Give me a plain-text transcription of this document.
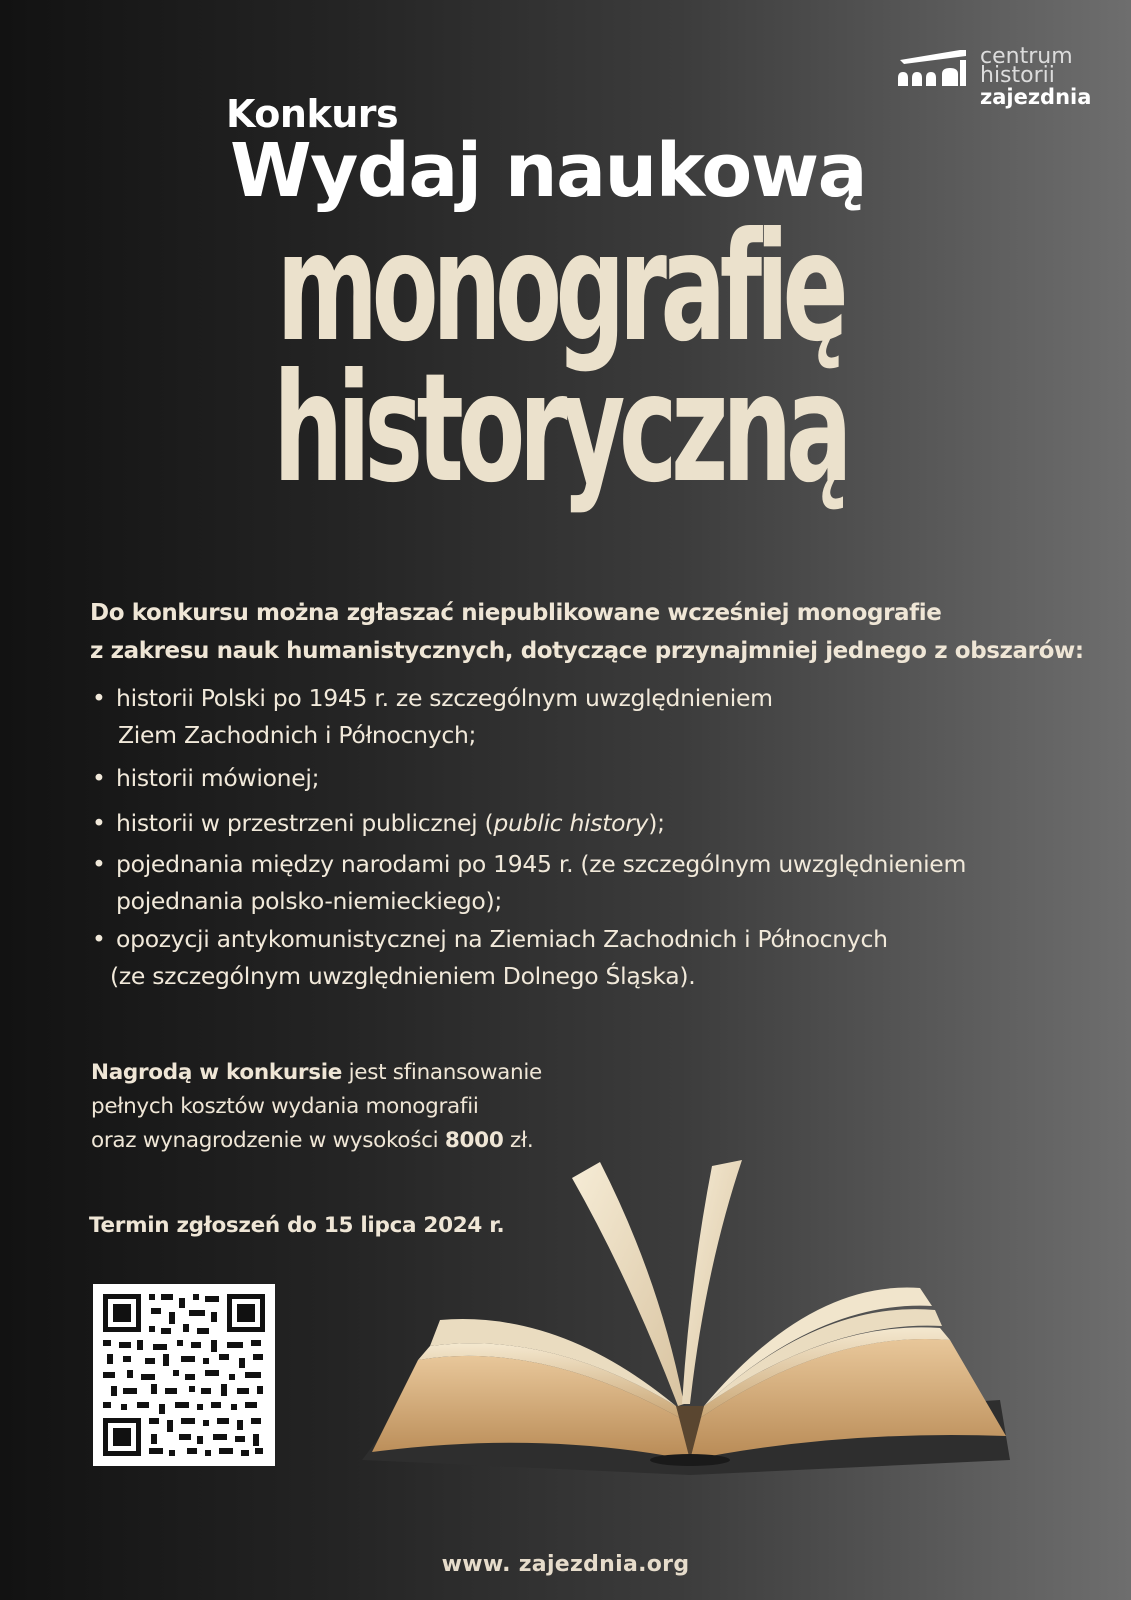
centrum
historii
zajezdnia
Konkurs
Wydaj naukową
monografię
historyczną
Do konkursu można zgłaszać niepublikowane wcześniej monografie
z zakresu nauk humanistycznych, dotyczące przynajmniej jednego z obszarów:
• historii Polski po 1945 r. ze szczególnym uwzględnieniem
Ziem Zachodnich i Północnych;
• historii mówionej;
• historii w przestrzeni publicznej (public history);
• pojednania między narodami po 1945 r. (ze szczególnym uwzględnieniem
pojednania polsko-niemieckiego);
• opozycji antykomunistycznej na Ziemiach Zachodnich i Północnych
(ze szczególnym uwzględnieniem Dolnego Śląska).
Nagrodą w konkursie jest sfinansowanie
pełnych kosztów wydania monografii
oraz wynagrodzenie w wysokości 8000 zł.
Termin zgłoszeń do 15 lipca 2024 r.
www. zajezdnia.org
